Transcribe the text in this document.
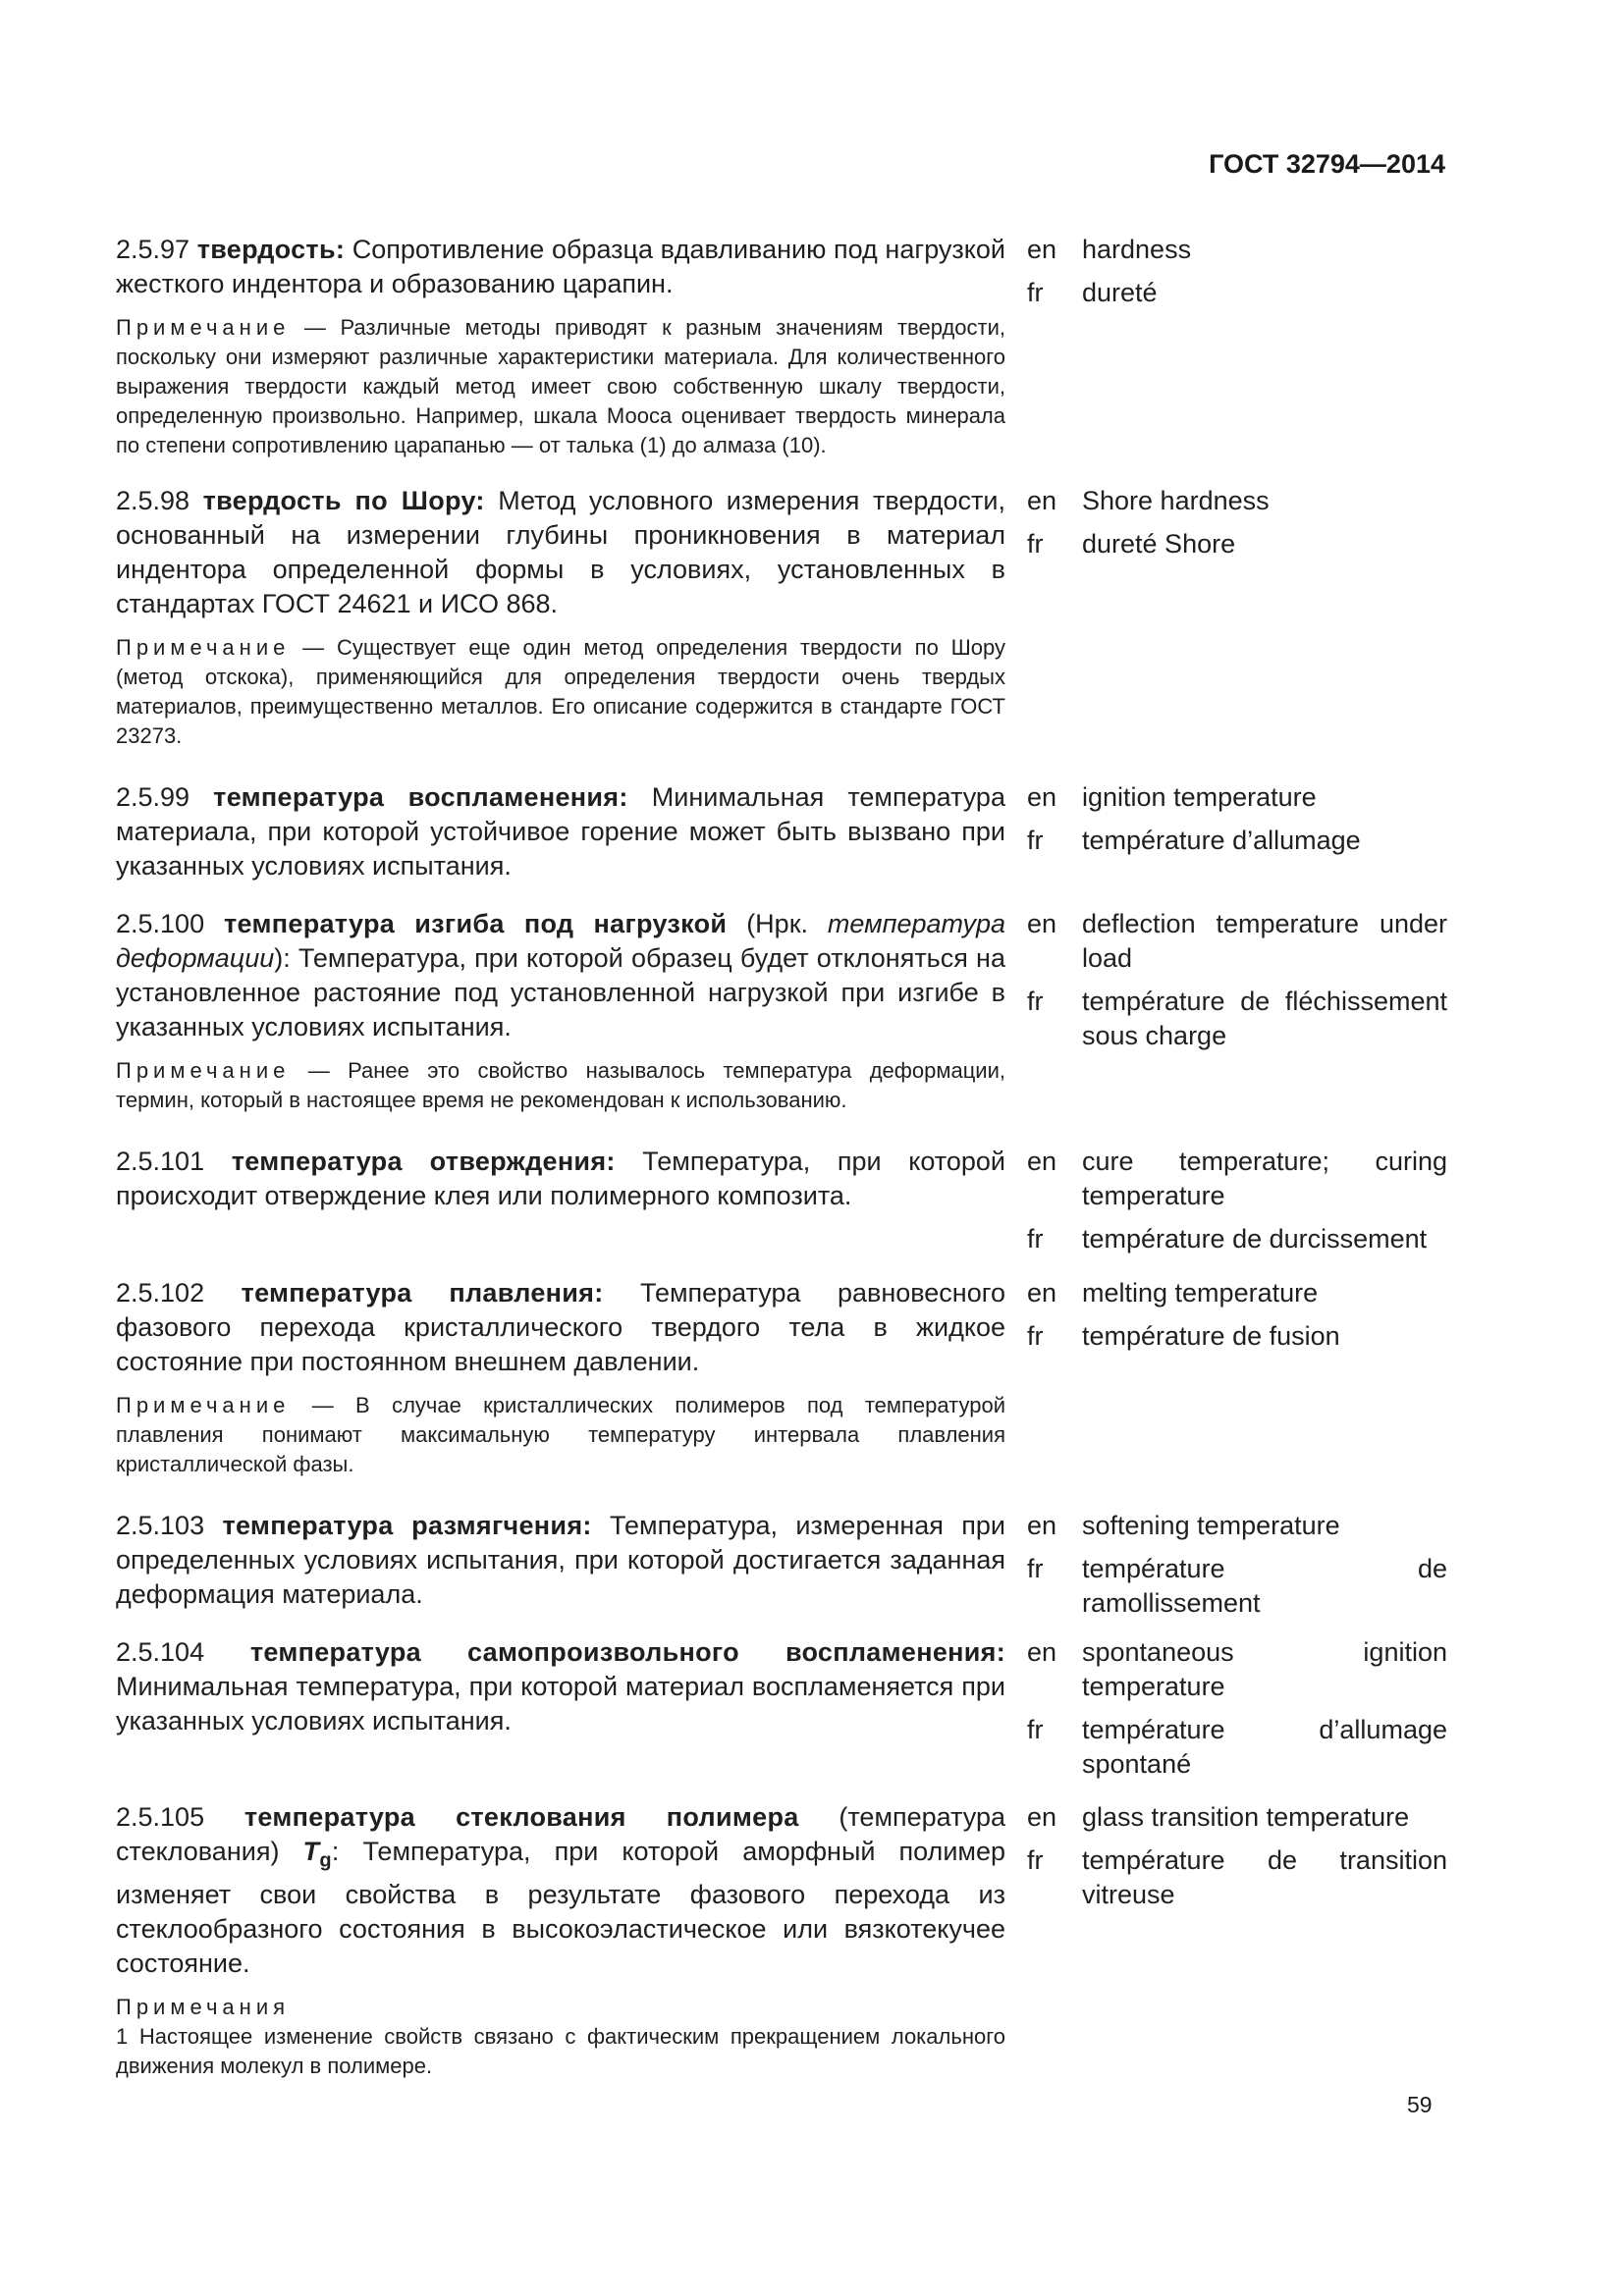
ГОСТ 32794—2014

2.5.97 твердость: Сопротивление образца вдавливанию под нагрузкой жесткого индентора и образованию царапин.

Примечание — Различные методы приводят к разным значениям твердости, поскольку они измеряют различные характеристики материала. Для количественного выражения твердости каждый метод имеет свою собственную шкалу твердости, определенную произвольно. Например, шкала Мооса оценивает твердость минерала по степени сопротивлению царапанью — от талька (1) до алмаза (10).

en hardness
fr	dureté

2.5.98 твердость по Шору: Метод условного измерения твердости, основанный на измерении глубины проникновения в материал индентора определенной формы в условиях, установленных в стандартах ГОСТ 24621 и ИСО 868.

Примечание — Существует еще один метод определения твердости по Шору (метод отскока), применяющийся для определения твердости очень твердых материалов, преимущественно металлов. Его описание содержится в стандарте ГОСТ 23273.

en Shore hardness
fr	dureté Shore

2.5.99 температура воспламенения: Минимальная температура материала, при которой устойчивое горение может быть вызвано при указанных условиях испытания.

en ignition temperature
fr	température d’allumage

2.5.100 температура изгиба под нагрузкой (Нрк. температура деформации): Температура, при которой образец будет отклоняться на установленное растояние под установленной нагрузкой при изгибе в указанных условиях испытания.

Примечание — Ранее это свойство называлось температура деформации, термин, который в настоящее время не рекомендован к использованию.

en deflection temperature under load
fr	température de fléchissement sous charge

2.5.101 температура отверждения: Температура, при которой происходит отверждение клея или полимерного композита.

en cure temperature; curing temperature
fr	température de durcissement

2.5.102 температура плавления: Температура равновесного фазового перехода кристаллического твердого тела в жидкое состояние при постоянном внешнем давлении.

Примечание — В случае кристаллических полимеров под температурой плавления понимают максимальную температуру интервала плавления кристаллической фазы.

en melting temperature
fr	température de fusion

2.5.103 температура размягчения: Температура, измеренная при определенных условиях испытания, при которой достигается заданная деформация материала.

en softening temperature
fr	température de ramollissement

2.5.104 температура самопроизвольного воспламенения: Минимальная температура, при которой материал воспламеняется при указанных условиях испытания.

en spontaneous ignition temperature
fr	température d’allumage spontané

2.5.105 температура стеклования полимера (температура стеклования) $T_g$: Температура, при которой аморфный полимер изменяет свои свойства в результате фазового перехода из стеклообразного состояния в высокоэластическое или вязкотекучее состояние.

Примечания

1 Настоящее изменение свойств связано с фактическим прекращением локального движения молекул в полимере.

en glass transition temperature
fr	température de transition vitreuse
59
